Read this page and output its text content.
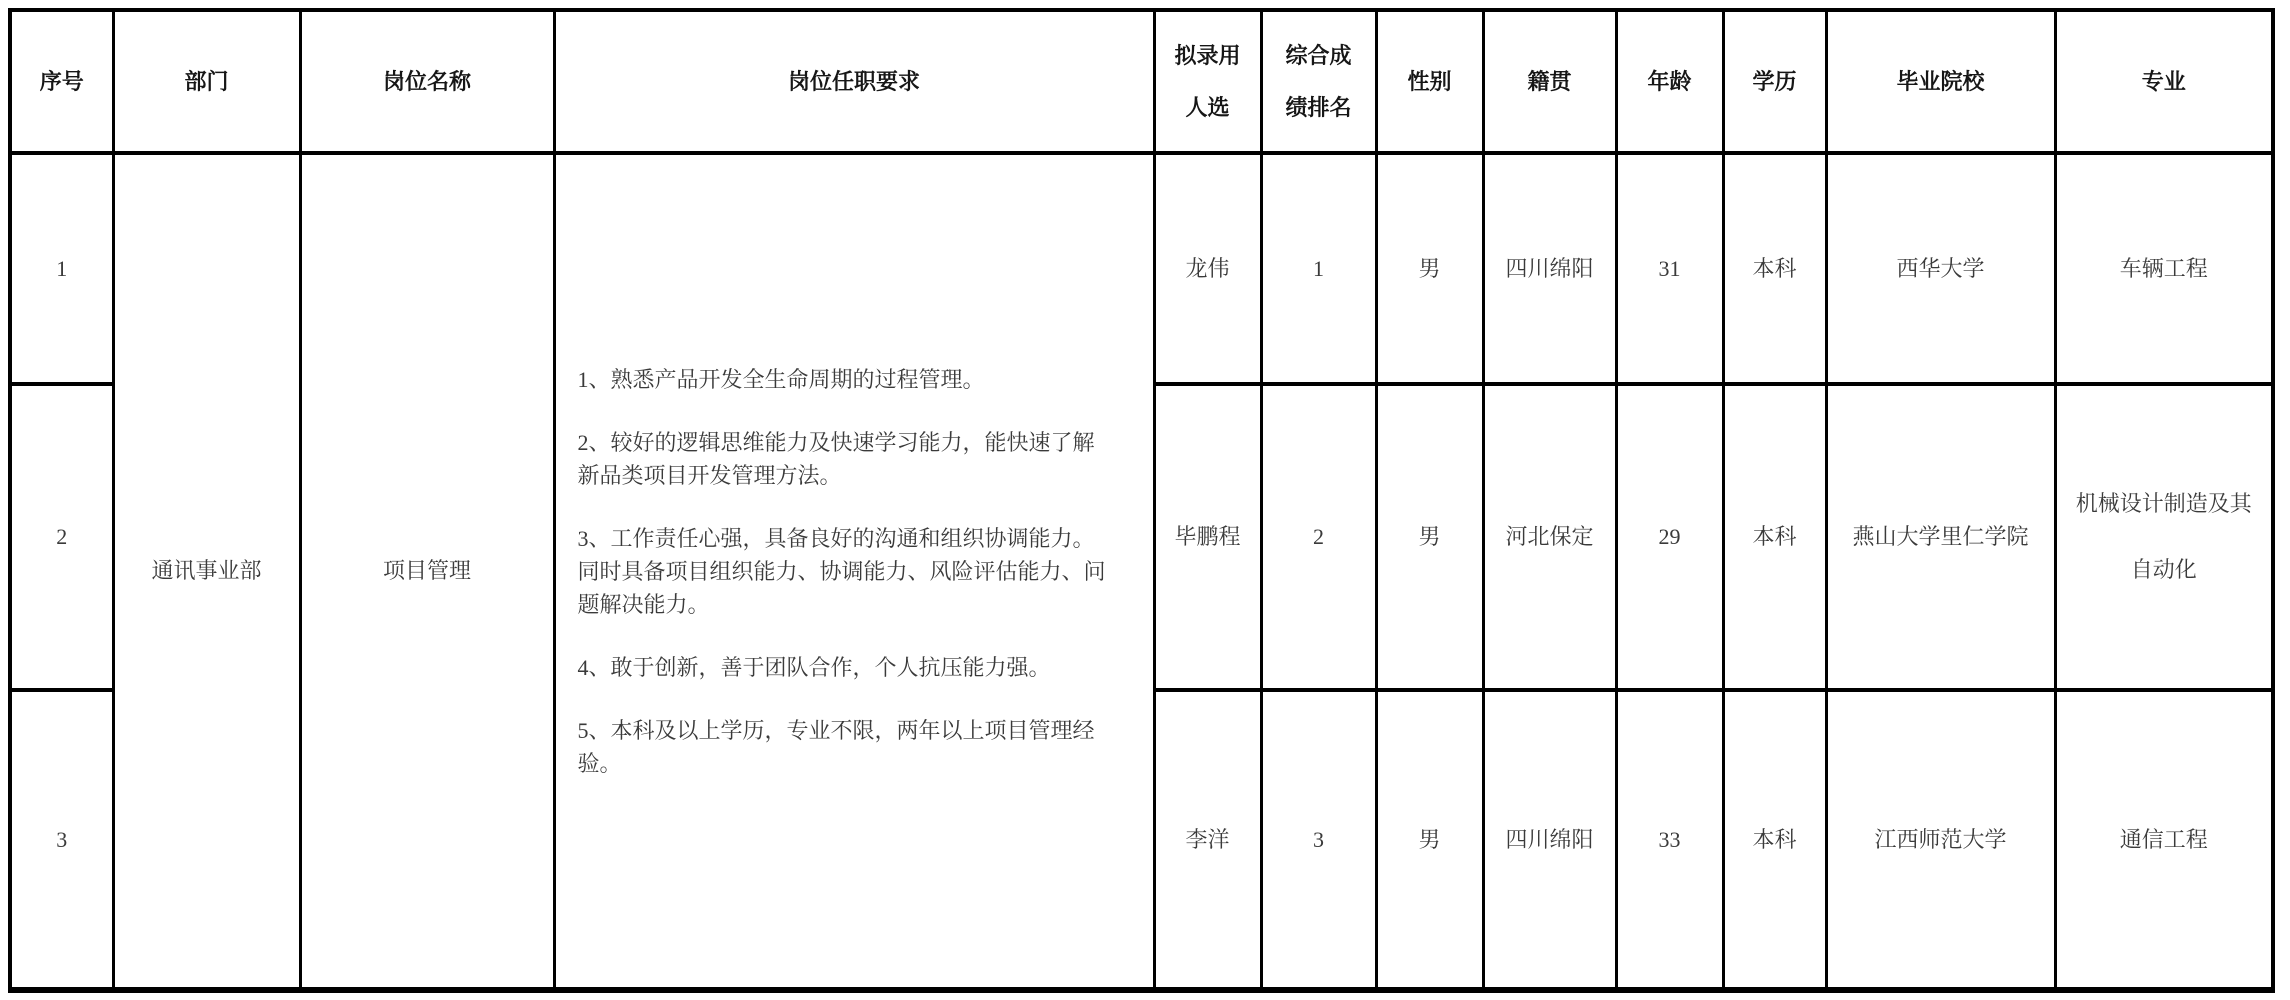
序号	部门	岗位名称	岗位任职要求	拟录用人选	综合成绩排名	性别	籍贯	年龄	学历	毕业院校	专业
1	通讯事业部	项目管理	1、熟悉产品开发全生命周期的过程管理。

2、较好的逻辑思维能力及快速学习能力，能快速了解新品类项目开发管理方法。

3、工作责任心强，具备良好的沟通和组织协调能力。同时具备项目组织能力、协调能力、风险评估能力、问题解决能力。

4、敢于创新，善于团队合作，个人抗压能力强。

5、本科及以上学历，专业不限，两年以上项目管理经验。	龙伟	1	男	四川绵阳	31	本科	西华大学	车辆工程
2				毕鹏程	2	男	河北保定	29	本科	燕山大学里仁学院	机械设计制造及其自动化
3				李洋	3	男	四川绵阳	33	本科	江西师范大学	通信工程
